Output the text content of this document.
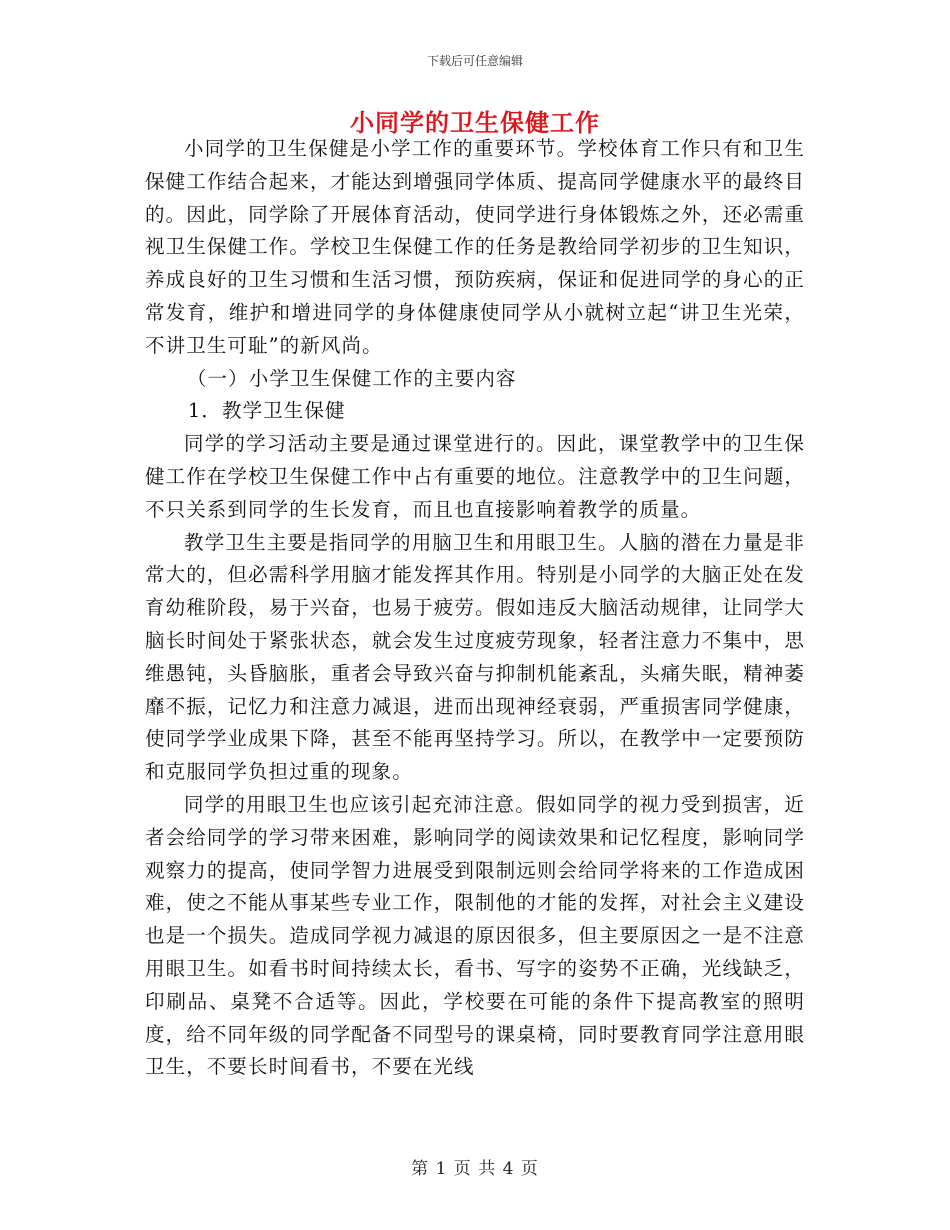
下载后可任意编辑
小同学的卫生保健工作

小同学的卫生保健是小学工作的重要环节。学校体育工作只有和卫生保健工作结合起来，才能达到增强同学体质、提高同学健康水平的最终目的。因此，同学除了开展体育活动，使同学进行身体锻炼之外，还必需重视卫生保健工作。学校卫生保健工作的任务是教给同学初步的卫生知识，养成良好的卫生习惯和生活习惯，预防疾病，保证和促进同学的身心的正常发育，维护和增进同学的身体健康使同学从小就树立起“讲卫生光荣，不讲卫生可耻”的新风尚。

（一）小学卫生保健工作的主要内容

1．教学卫生保健

同学的学习活动主要是通过课堂进行的。因此，课堂教学中的卫生保健工作在学校卫生保健工作中占有重要的地位。注意教学中的卫生问题，不只关系到同学的生长发育，而且也直接影响着教学的质量。

教学卫生主要是指同学的用脑卫生和用眼卫生。人脑的潜在力量是非常大的，但必需科学用脑才能发挥其作用。特别是小同学的大脑正处在发育幼稚阶段，易于兴奋，也易于疲劳。假如违反大脑活动规律，让同学大脑长时间处于紧张状态，就会发生过度疲劳现象，轻者注意力不集中，思维愚钝，头昏脑胀，重者会导致兴奋与抑制机能紊乱，头痛失眠，精神萎靡不振，记忆力和注意力减退，进而出现神经衰弱，严重损害同学健康，使同学学业成果下降，甚至不能再坚持学习。所以，在教学中一定要预防和克服同学负担过重的现象。

同学的用眼卫生也应该引起充沛注意。假如同学的视力受到损害，近者会给同学的学习带来困难，影响同学的阅读效果和记忆程度，影响同学观察力的提高，使同学智力进展受到限制远则会给同学将来的工作造成困难，使之不能从事某些专业工作，限制他的才能的发挥，对社会主义建设也是一个损失。造成同学视力减退的原因很多，但主要原因之一是不注意用眼卫生。如看书时间持续太长，看书、写字的姿势不正确，光线缺乏，印刷品、桌凳不合适等。因此，学校要在可能的条件下提高教室的照明度，给不同年级的同学配备不同型号的课桌椅，同时要教育同学注意用眼卫生，不要长时间看书，不要在光线

第 1 页 共 4 页
